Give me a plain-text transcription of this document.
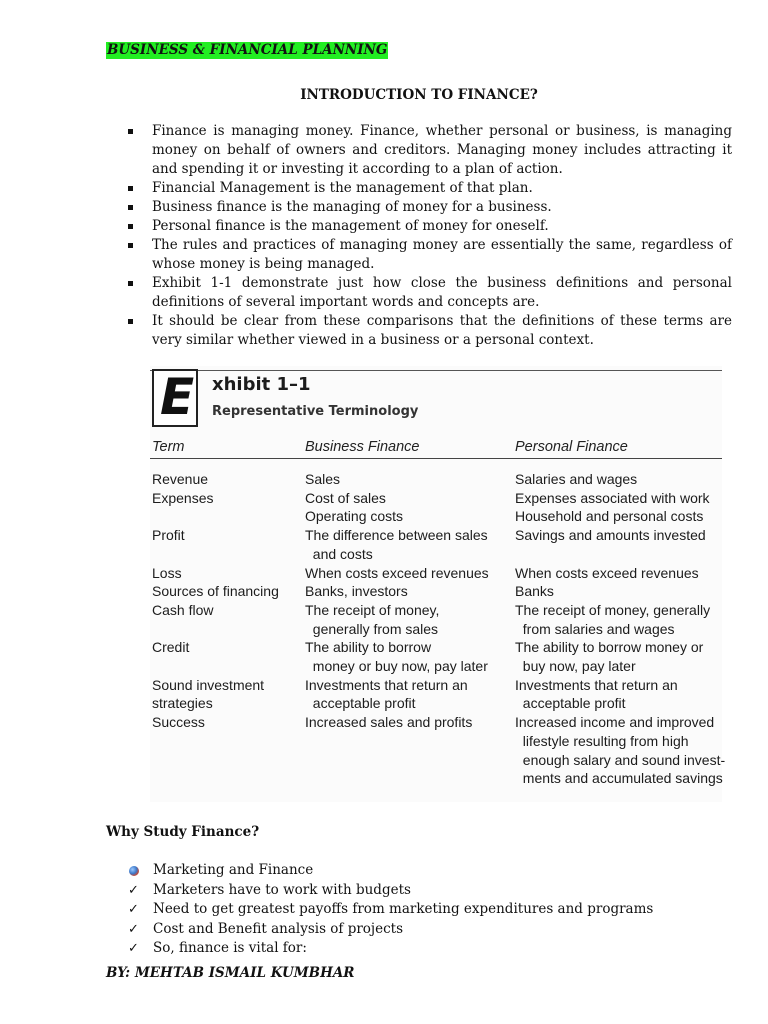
BUSINESS & FINANCIAL PLANNING
INTRODUCTION TO FINANCE?
Finance is managing money. Finance, whether personal or business, is managing money on behalf of owners and creditors. Managing money includes attracting it and spending it or investing it according to a plan of action.
Financial Management is the management of that plan.
Business finance is the managing of money for a business.
Personal finance is the management of money for oneself.
The rules and practices of managing money are essentially the same, regardless of whose money is being managed.
Exhibit 1-1 demonstrate just how close the business definitions and personal definitions of several important words and concepts are.
It should be clear from these comparisons that the definitions of these terms are very similar whether viewed in a business or a personal context.
E xhibit 1–1
Representative Terminology
Term	Business Finance	Personal Finance
Revenue
Expenses

Profit

Loss
Sources of financing
Cash flow

Credit

Sound investment
strategies
Success

Sales
Cost of sales
Operating costs
The difference between sales
and costs
When costs exceed revenues
Banks, investors
The receipt of money,
generally from sales
The ability to borrow
money or buy now, pay later
Investments that return an
acceptable profit
Increased sales and profits

Salaries and wages
Expenses associated with work
Household and personal costs
Savings and amounts invested

When costs exceed revenues
Banks
The receipt of money, generally
from salaries and wages
The ability to borrow money or
buy now, pay later
Investments that return an
acceptable profit
Increased income and improved
lifestyle resulting from high
enough salary and sound invest-
ments and accumulated savings
Why Study Finance?
Marketing and Finance
✓ Marketers have to work with budgets
✓ Need to get greatest payoffs from marketing expenditures and programs
✓ Cost and Benefit analysis of projects
✓ So, finance is vital for:
BY: MEHTAB ISMAIL KUMBHAR
